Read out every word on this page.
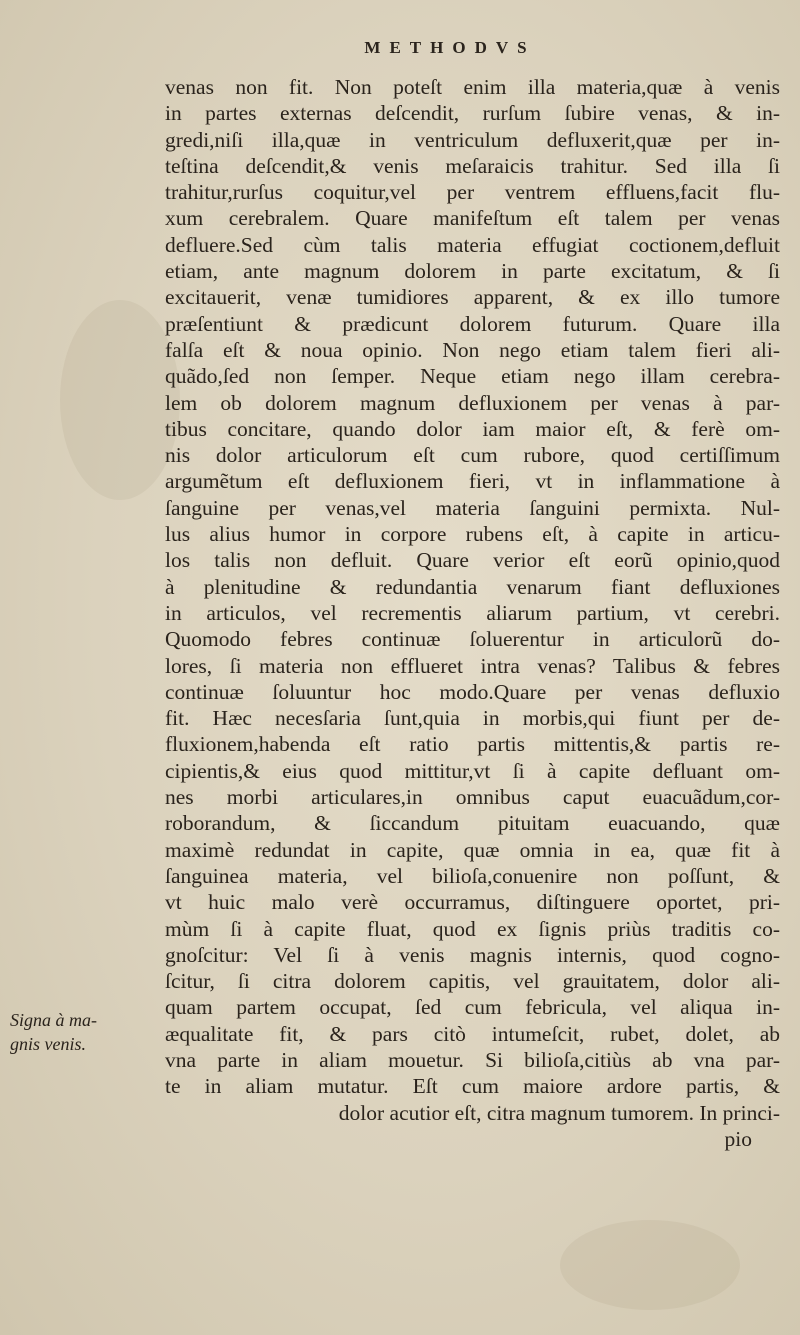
METHODVS
venas non fit. Non poteſt enim illa materia,quæ à venis
in partes externas deſcendit, rurſum ſubire venas, & in-
gredi,niſi illa,quæ in ventriculum defluxerit,quæ per in-
teſtina deſcendit,& venis meſaraicis trahitur. Sed illa ſi
trahitur,rurſus coquitur,vel per ventrem effluens,facit flu-
xum cerebralem. Quare manifeſtum eſt talem per venas
defluere.Sed cùm talis materia effugiat coctionem,defluit
etiam, ante magnum dolorem in parte excitatum, & ſi
excitauerit, venæ tumidiores apparent, & ex illo tumore
præſentiunt & prædicunt dolorem futurum. Quare illa
falſa eſt & noua opinio. Non nego etiam talem fieri ali-
quãdo,ſed non ſemper. Neque etiam nego illam cerebra-
lem ob dolorem magnum defluxionem per venas à par-
tibus concitare, quando dolor iam maior eſt, & ferè om-
nis dolor articulorum eſt cum rubore, quod certiſſimum
argumẽtum eſt defluxionem fieri, vt in inflammatione à
ſanguine per venas,vel materia ſanguini permixta. Nul-
lus alius humor in corpore rubens eſt, à capite in articu-
los talis non defluit. Quare verior eſt eorũ opinio,quod
à plenitudine & redundantia venarum fiant defluxiones
in articulos, vel recrementis aliarum partium, vt cerebri.
Quomodo febres continuæ ſoluerentur in articulorũ do-
lores, ſi materia non efflueret intra venas? Talibus & febres
continuæ ſoluuntur hoc modo.Quare per venas defluxio
fit. Hæc necesſaria ſunt,quia in morbis,qui fiunt per de-
fluxionem,habenda eſt ratio partis mittentis,& partis re-
cipientis,& eius quod mittitur,vt ſi à capite defluant om-
nes morbi articulares,in omnibus caput euacuãdum,cor-
roborandum, & ſiccandum pituitam euacuando, quæ
maximè redundat in capite, quæ omnia in ea, quæ fit à
ſanguinea materia, vel bilioſa,conuenire non poſſunt, &
vt huic malo verè occurramus, diſtinguere oportet, pri-
mùm ſi à capite fluat, quod ex ſignis priùs traditis co-
gnoſcitur: Vel ſi à venis magnis internis, quod cogno-
ſcitur, ſi citra dolorem capitis, vel grauitatem, dolor ali-
quam partem occupat, ſed cum febricula, vel aliqua in-
æqualitate fit, & pars citò intumeſcit, rubet, dolet, ab
vna parte in aliam mouetur. Si bilioſa,citiùs ab vna par-
te in aliam mutatur. Eſt cum maiore ardore partis, &
dolor acutior eſt, citra magnum tumorem. In princi-
pio
Signa à ma-
gnis venis.
